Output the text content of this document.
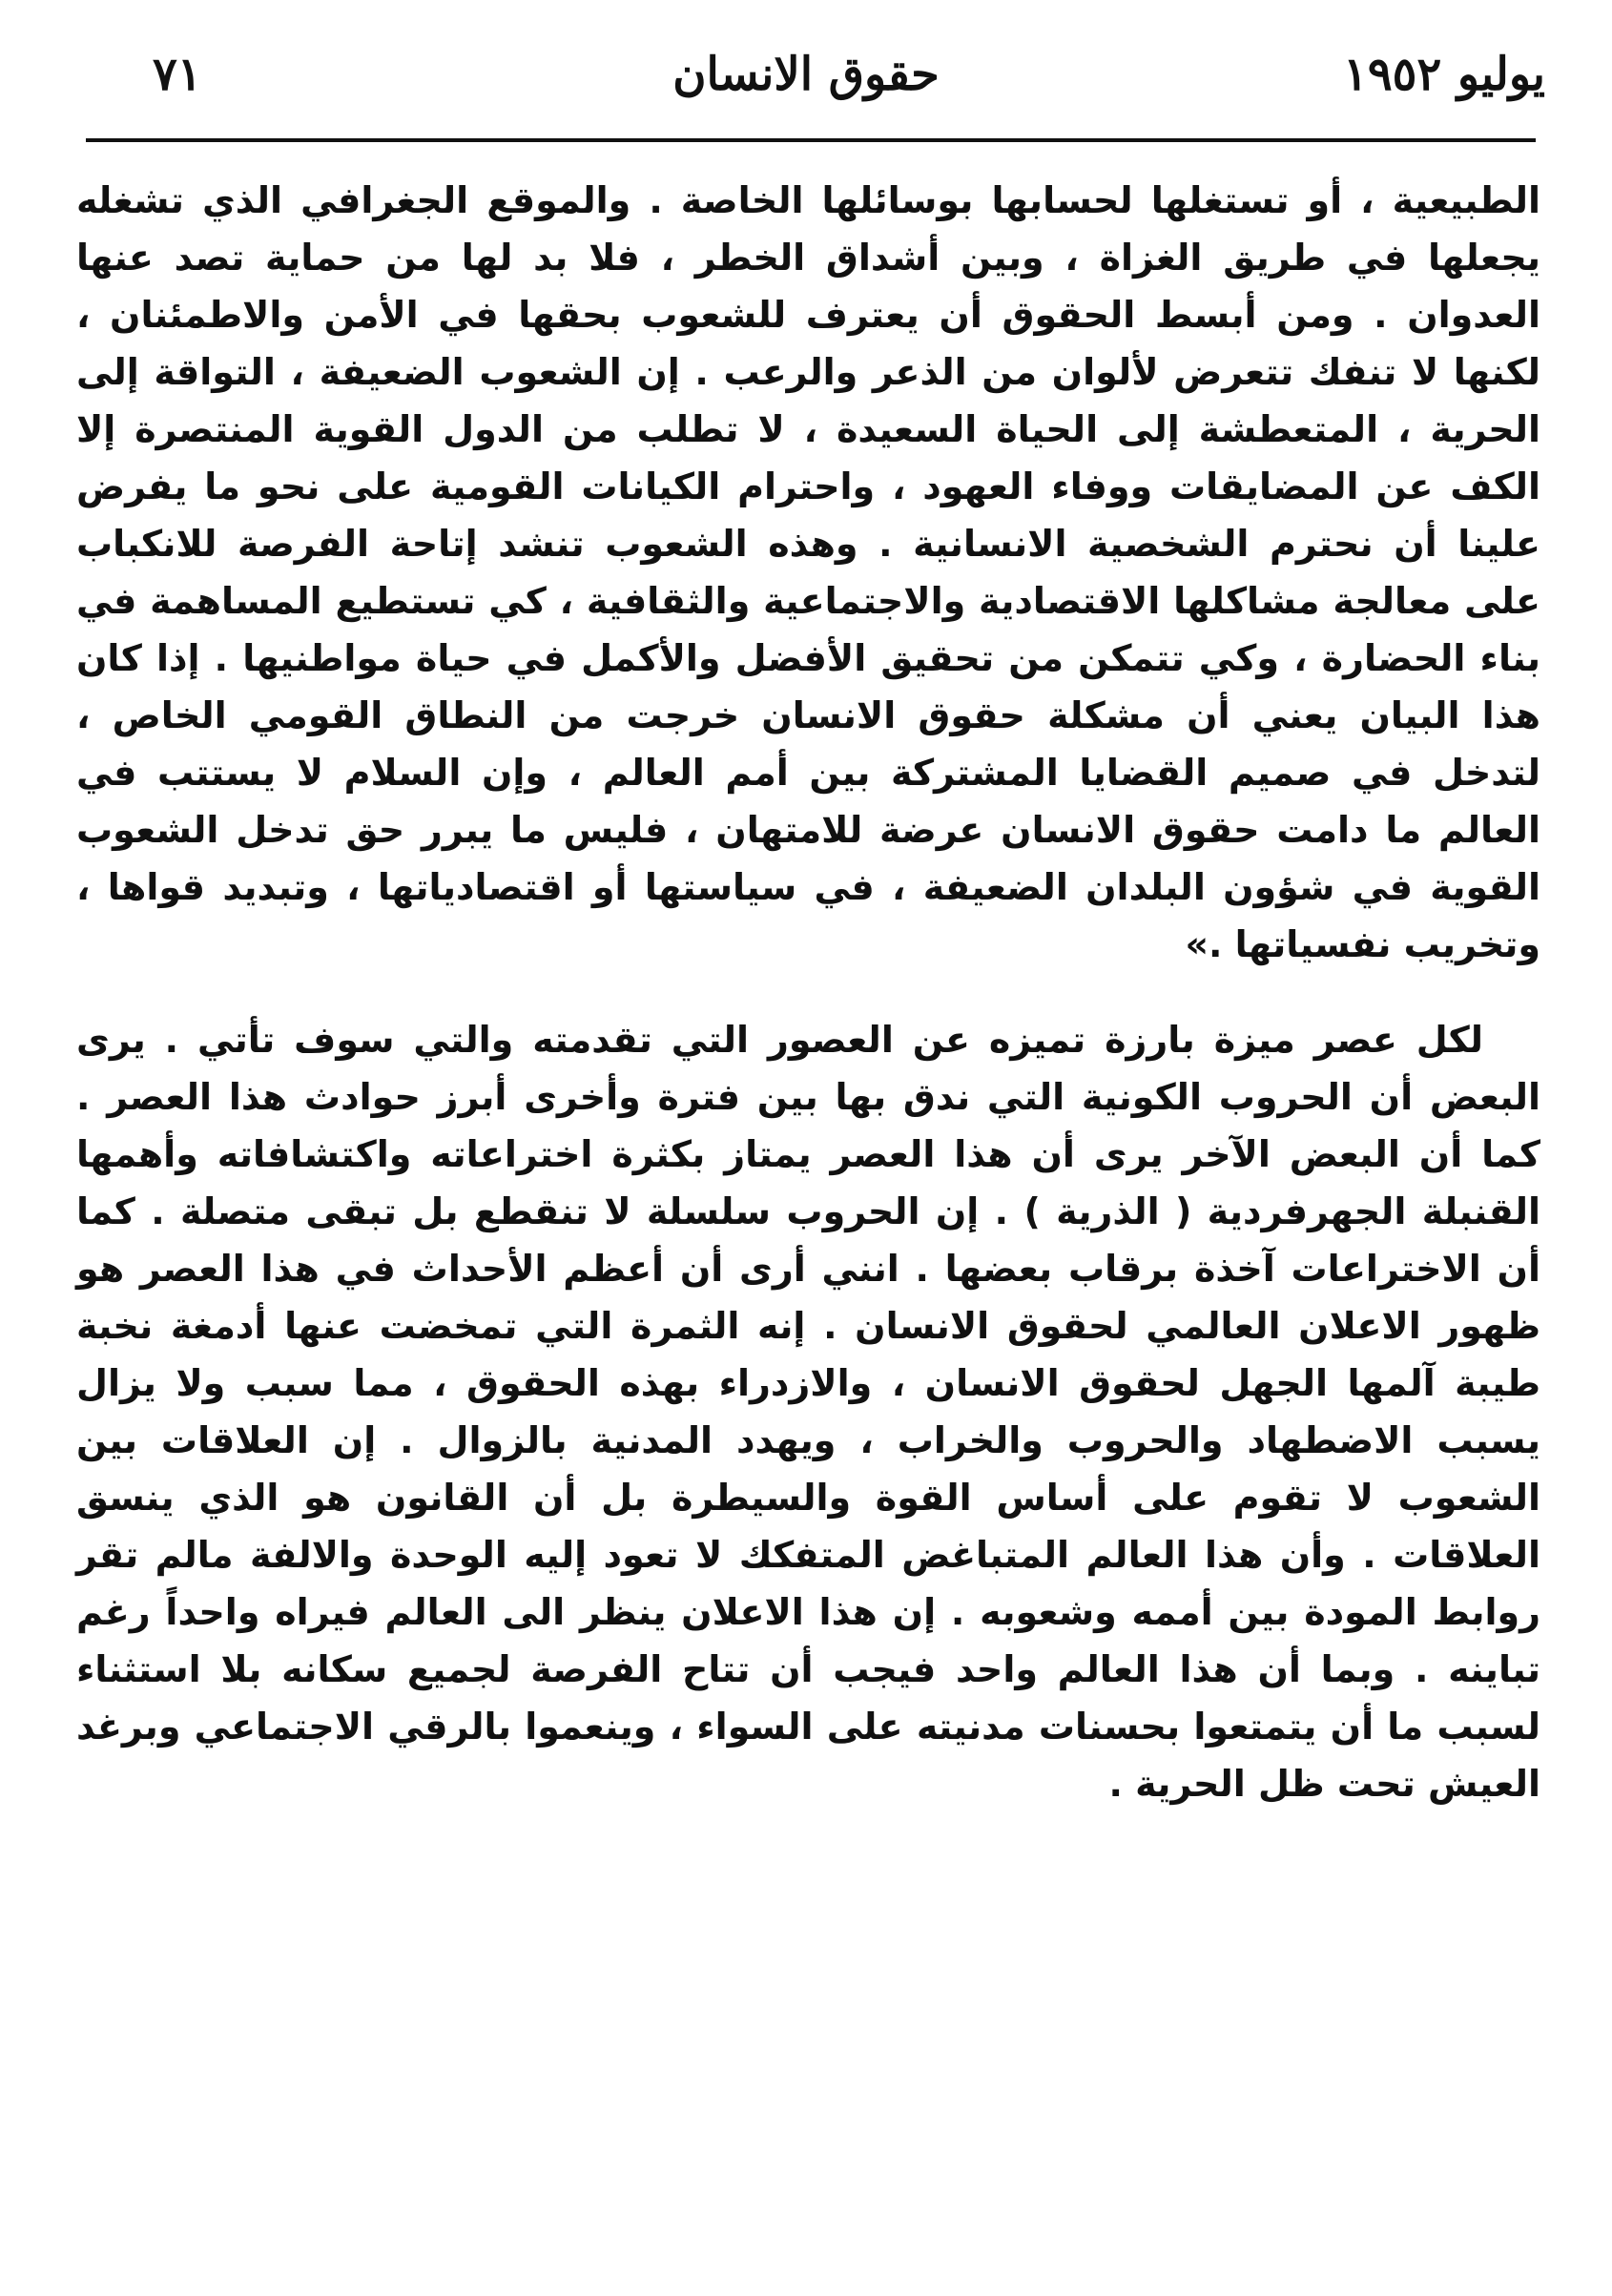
٧١	حقوق الانسان	يوليو ١٩٥٢

الطبيعية ، أو تستغلها لحسابها بوسائلها الخاصة . والموقع الجغرافي الذي تشغله يجعلها في طريق الغزاة ، وبين أشداق الخطر ، فلا بد لها من حماية تصد عنها العدوان . ومن أبسط الحقوق أن يعترف للشعوب بحقها في الأمن والاطمئنان ، لكنها لا تنفك تتعرض لألوان من الذعر والرعب . إن الشعوب الضعيفة ، التواقة إلى الحرية ، المتعطشة إلى الحياة السعيدة ، لا تطلب من الدول القوية المنتصرة إلا الكف عن المضايقات ووفاء العهود ، واحترام الكيانات القومية على نحو ما يفرض علينا أن نحترم الشخصية الانسانية . وهذه الشعوب تنشد إتاحة الفرصة للانكباب على معالجة مشاكلها الاقتصادية والاجتماعية والثقافية ، كي تستطيع المساهمة في بناء الحضارة ، وكي تتمكن من تحقيق الأفضل والأكمل في حياة مواطنيها . إذا كان هذا البيان يعني أن مشكلة حقوق الانسان خرجت من النطاق القومي الخاص ، لتدخل في صميم القضايا المشتركة بين أمم العالم ، وإن السلام لا يستتب في العالم ما دامت حقوق الانسان عرضة للامتهان ، فليس ما يبرر حق تدخل الشعوب القوية في شؤون البلدان الضعيفة ، في سياستها أو اقتصادياتها ، وتبديد قواها ، وتخريب نفسياتها .»

لكل عصر ميزة بارزة تميزه عن العصور التي تقدمته والتي سوف تأتي . يرى البعض أن الحروب الكونية التي ندق بها بين فترة وأخرى أبرز حوادث هذا العصر . كما أن البعض الآخر يرى أن هذا العصر يمتاز بكثرة اختراعاته واكتشافاته وأهمها القنبلة الجهرفردية ( الذرية ) . إن الحروب سلسلة لا تنقطع بل تبقى متصلة . كما أن الاختراعات آخذة برقاب بعضها . انني أرى أن أعظم الأحداث في هذا العصر هو ظهور الاعلان العالمي لحقوق الانسان . إنه الثمرة التي تمخضت عنها أدمغة نخبة طيبة آلمها الجهل لحقوق الانسان ، والازدراء بهذه الحقوق ، مما سبب ولا يزال يسبب الاضطهاد والحروب والخراب ، ويهدد المدنية بالزوال . إن العلاقات بين الشعوب لا تقوم على أساس القوة والسيطرة بل أن القانون هو الذي ينسق العلاقات . وأن هذا العالم المتباغض المتفكك لا تعود إليه الوحدة والالفة مالم تقر روابط المودة بين أممه وشعوبه . إن هذا الاعلان ينظر الى العالم فيراه واحداً رغم تباينه . وبما أن هذا العالم واحد فيجب أن تتاح الفرصة لجميع سكانه بلا استثناء لسبب ما أن يتمتعوا بحسنات مدنيته على السواء ، وينعموا بالرقي الاجتماعي وبرغد العيش تحت ظل الحرية .
